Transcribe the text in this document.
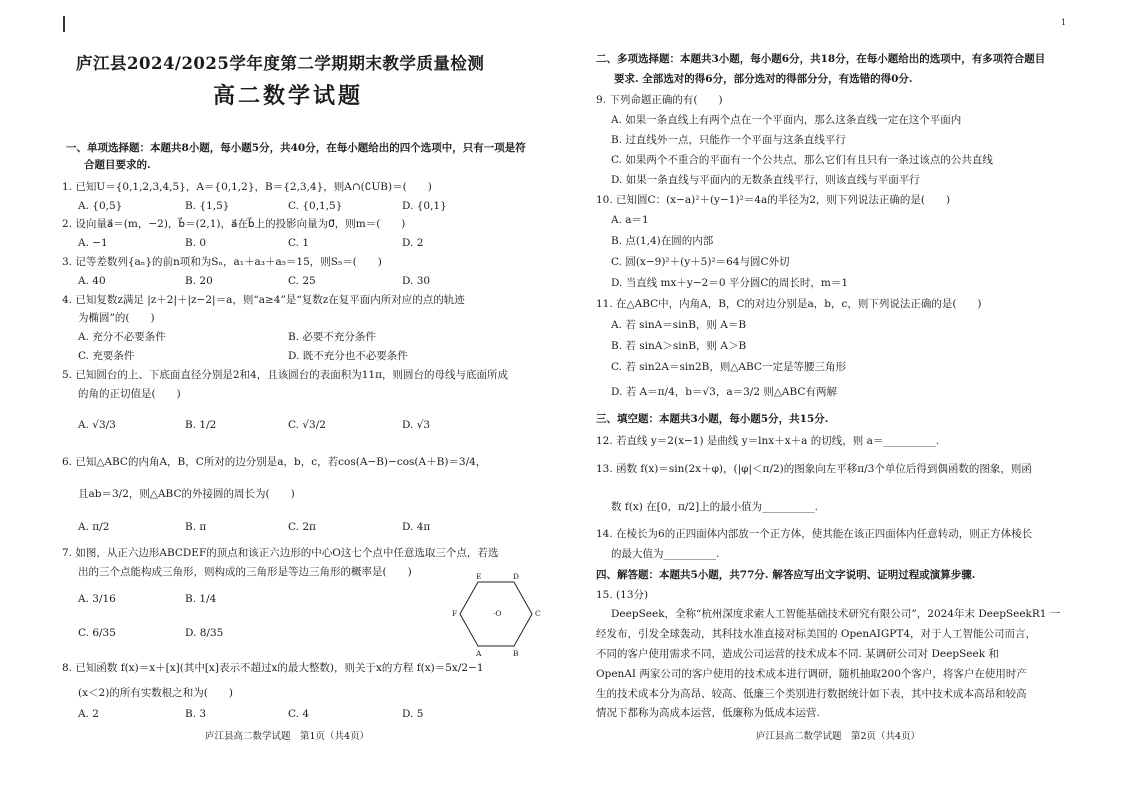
庐江县2024/2025学年度第二学期期末教学质量检测
高二数学试题
一、单项选择题：本题共8小题，每小题5分，共40分，在每小题给出的四个选项中，只有一项是符
合题目要求的.
1. 已知U＝{0,1,2,3,4,5}，A＝{0,1,2}，B＝{2,3,4}，则A∩(∁UB)＝(　　)
A. {0,5}	B. {1,5}	C. {0,1,5}	D. {0,1}
2. 设向量a⃗＝(m，−2)，b⃗＝(2,1)，a⃗在b⃗上的投影向量为0⃗，则m＝(　　)
A. −1	B. 0	C. 1	D. 2
3. 记等差数列{aₙ}的前n项和为Sₙ，a₁＋a₃＋a₅＝15，则S₅＝(　　)
A. 40	B. 20	C. 25	D. 30
4. 已知复数z满足 |z＋2|＋|z−2|＝a，则“a≥4”是“复数z在复平面内所对应的点的轨迹
为椭圆”的(　　)
A. 充分不必要条件	B. 必要不充分条件
C. 充要条件	D. 既不充分也不必要条件
5. 已知圆台的上、下底面直径分别是2和4，且该圆台的表面积为11π，则圆台的母线与底面所成
的角的正切值是(　　)
A. √3/3	B. 1/2	C. √3/2	D. √3
6. 已知△ABC的内角A，B，C所对的边分别是a，b，c，若cos(A−B)−cos(A＋B)＝3/4，
且ab＝3/2，则△ABC的外接圆的周长为(　　)
A. π/2	B. π	C. 2π	D. 4π
7. 如图，从正六边形ABCDEF的顶点和该正六边形的中心O这七个点中任意选取三个点，若选
出的三个点能构成三角形，则构成的三角形是等边三角形的概率是(　　)
A. 3/16	B. 1/4
C. 6/35	D. 8/35
E	D
F	·O	C
A	B
8. 已知函数 f(x)＝x＋[x](其中[x]表示不超过x的最大整数)，则关于x的方程 f(x)＝5x/2−1
(x＜2)的所有实数根之和为(　　)
A. 2	B. 3	C. 4	D. 5
庐江县高二数学试题　第1页（共4页）
1
二、多项选择题：本题共3小题，每小题6分，共18分，在每小题给出的选项中，有多项符合题目
要求. 全部选对的得6分，部分选对的得部分分，有选错的得0分.
9. 下列命题正确的有(　　)
A. 如果一条直线上有两个点在一个平面内，那么这条直线一定在这个平面内
B. 过直线外一点，只能作一个平面与这条直线平行
C. 如果两个不重合的平面有一个公共点，那么它们有且只有一条过该点的公共直线
D. 如果一条直线与平面内的无数条直线平行，则该直线与平面平行
10. 已知圆C：(x−a)²＋(y−1)²＝4a的半径为2，则下列说法正确的是(　　)
A. a＝1
B. 点(1,4)在圆的内部
C. 圆(x−9)²＋(y＋5)²＝64与圆C外切
D. 当直线 mx＋y−2＝0 平分圆C的周长时，m＝1
11. 在△ABC中，内角A，B，C的对边分别是a，b，c，则下列说法正确的是(　　)
A. 若 sinA＝sinB，则 A＝B
B. 若 sinA＞sinB，则 A＞B
C. 若 sin2A＝sin2B，则△ABC一定是等腰三角形
D. 若 A＝π/4，b＝√3，a＝3/2 则△ABC有两解
三、填空题：本题共3小题，每小题5分，共15分.
12. 若直线 y＝2(x−1) 是曲线 y＝lnx＋x＋a 的切线，则 a＝__________.
13. 函数 f(x)＝sin(2x＋φ)，(|φ|＜π/2)的图象向左平移π/3个单位后得到偶函数的图象，则函
数 f(x) 在[0，π/2]上的最小值为__________.
14. 在棱长为6的正四面体内部放一个正方体，使其能在该正四面体内任意转动，则正方体棱长
的最大值为__________.
四、解答题：本题共5小题，共77分. 解答应写出文字说明、证明过程或演算步骤.
15. (13分)
DeepSeek，全称“杭州深度求索人工智能基础技术研究有限公司”，2024年末 DeepSeekR1 一
经发布，引发全球轰动，其科技水准直接对标美国的 OpenAIGPT4，对于人工智能公司而言，
不同的客户使用需求不同，造成公司运营的技术成本不同. 某调研公司对 DeepSeek 和
OpenAI 两家公司的客户使用的技术成本进行调研，随机抽取200个客户，将客户在使用时产
生的技术成本分为高昂、较高、低廉三个类别进行数据统计如下表，其中技术成本高昂和较高
情况下都称为高成本运营，低廉称为低成本运营.
庐江县高二数学试题　第2页（共4页）
